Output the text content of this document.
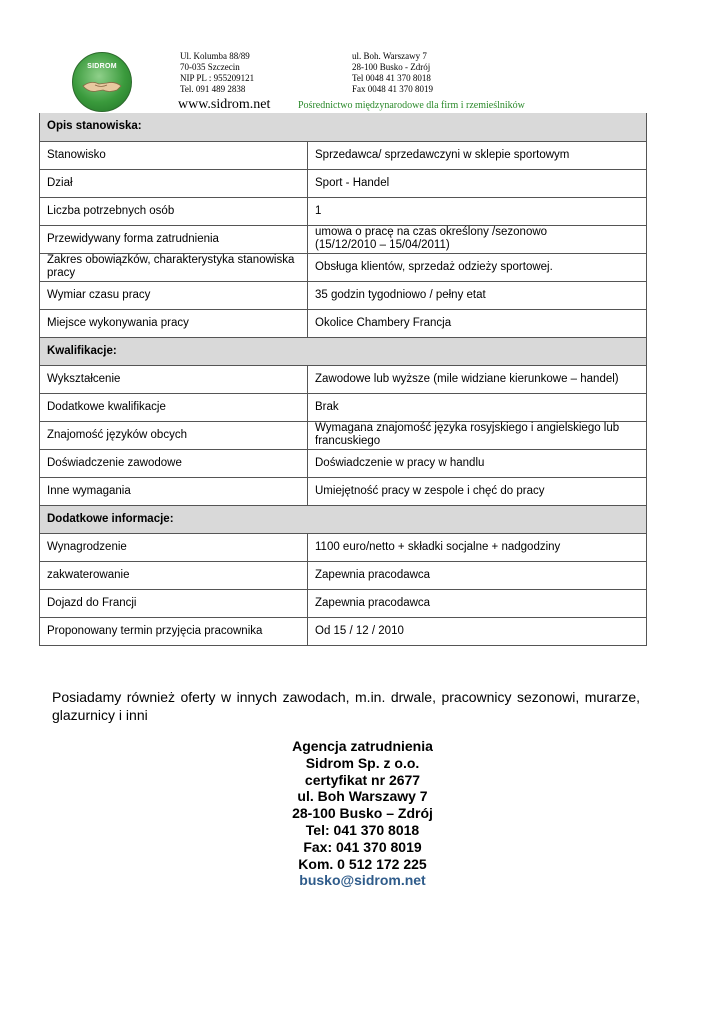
SIDROM
Ul. Kolumba 88/89
70-035 Szczecin
NIP PL : 955209121
Tel. 091 489 2838
ul. Boh. Warszawy 7
28-100 Busko - Zdrój
Tel 0048 41 370 8018
Fax 0048 41 370 8019
www.sidrom.net	Pośrednictwo międzynarodowe dla firm i rzemieślników
Opis stanowiska:	
Stanowisko	Sprzedawca/ sprzedawczyni w sklepie sportowym
Dział	Sport - Handel
Liczba potrzebnych osób	1
Przewidywany forma zatrudnienia	umowa o pracę na czas określony /sezonowo
(15/12/2010 – 15/04/2011)
Zakres obowiązków, charakterystyka stanowiska pracy	Obsługa klientów, sprzedaż odzieży sportowej.
Wymiar czasu pracy	35 godzin tygodniowo / pełny etat
Miejsce wykonywania pracy	Okolice Chambery Francja
Kwalifikacje:	
Wykształcenie	Zawodowe lub wyższe (mile widziane kierunkowe – handel)
Dodatkowe kwalifikacje	Brak
Znajomość języków obcych	Wymagana znajomość języka rosyjskiego i angielskiego lub francuskiego
Doświadczenie zawodowe	Doświadczenie w pracy w handlu
Inne wymagania	Umiejętność pracy w zespole i chęć do pracy
Dodatkowe informacje:	
Wynagrodzenie	1100 euro/netto + składki socjalne + nadgodziny
zakwaterowanie	Zapewnia pracodawca
Dojazd do Francji	Zapewnia pracodawca
Proponowany termin przyjęcia pracownika	Od 15 / 12 / 2010
Posiadamy również oferty w innych zawodach, m.in. drwale, pracownicy sezonowi, murarze, glazurnicy i inni
Agencja zatrudnienia
Sidrom Sp. z o.o.
certyfikat nr 2677
ul. Boh Warszawy 7
28-100 Busko – Zdrój
Tel: 041 370 8018
Fax: 041 370 8019
Kom. 0 512 172 225
busko@sidrom.net
